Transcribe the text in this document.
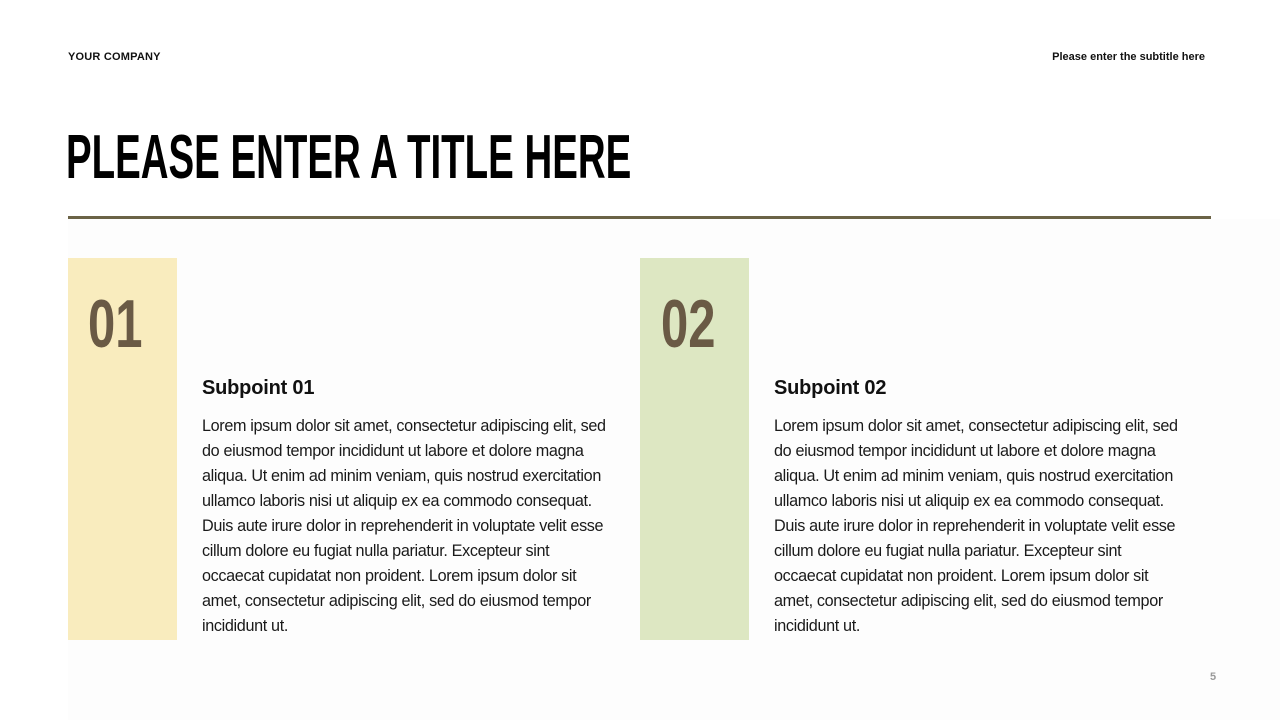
YOUR COMPANY	Please enter the subtitle here
PLEASE ENTER A TITLE HERE
01
Subpoint 01
Lorem ipsum dolor sit amet, consectetur adipiscing elit, sed do eiusmod tempor incididunt ut labore et dolore magna aliqua. Ut enim ad minim veniam, quis nostrud exercitation ullamco laboris nisi ut aliquip ex ea commodo consequat. Duis aute irure dolor in reprehenderit in voluptate velit esse cillum dolore eu fugiat nulla pariatur. Excepteur sint occaecat cupidatat non proident. Lorem ipsum dolor sit amet, consectetur adipiscing elit, sed do eiusmod tempor incididunt ut.
02
Subpoint 02
Lorem ipsum dolor sit amet, consectetur adipiscing elit, sed do eiusmod tempor incididunt ut labore et dolore magna aliqua. Ut enim ad minim veniam, quis nostrud exercitation ullamco laboris nisi ut aliquip ex ea commodo consequat. Duis aute irure dolor in reprehenderit in voluptate velit esse cillum dolore eu fugiat nulla pariatur. Excepteur sint occaecat cupidatat non proident. Lorem ipsum dolor sit amet, consectetur adipiscing elit, sed do eiusmod tempor incididunt ut.
5
